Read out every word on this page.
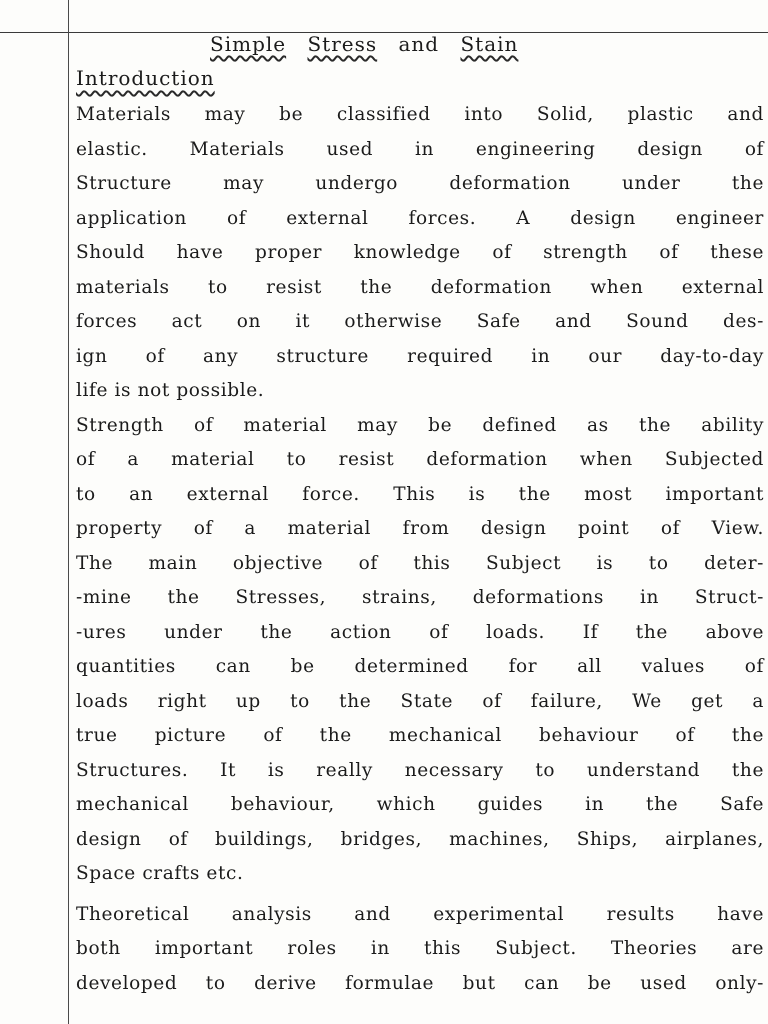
Simple Stress and Stain
Introduction
Materials may be classified into Solid, plastic and
elastic. Materials used in engineering design of
Structure may undergo deformation under the
application of external forces. A design engineer
Should have proper knowledge of strength of these
materials to resist the deformation when external
forces act on it otherwise Safe and Sound des-
ign of any structure required in our day-to-day
life is not possible.
Strength of material may be defined as the ability
of a material to resist deformation when Subjected
to an external force. This is the most important
property of a material from design point of View.
The main objective of this Subject is to deter-
-mine the Stresses, strains, deformations in Struct-
-ures under the action of loads. If the above
quantities can be determined for all values of
loads right up to the State of failure, We get a
true picture of the mechanical behaviour of the
Structures. It is really necessary to understand the
mechanical behaviour, which guides in the Safe
design of buildings, bridges, machines, Ships, airplanes,
Space crafts etc.
Theoretical analysis and experimental results have
both important roles in this Subject. Theories are
developed to derive formulae but can be used only-
